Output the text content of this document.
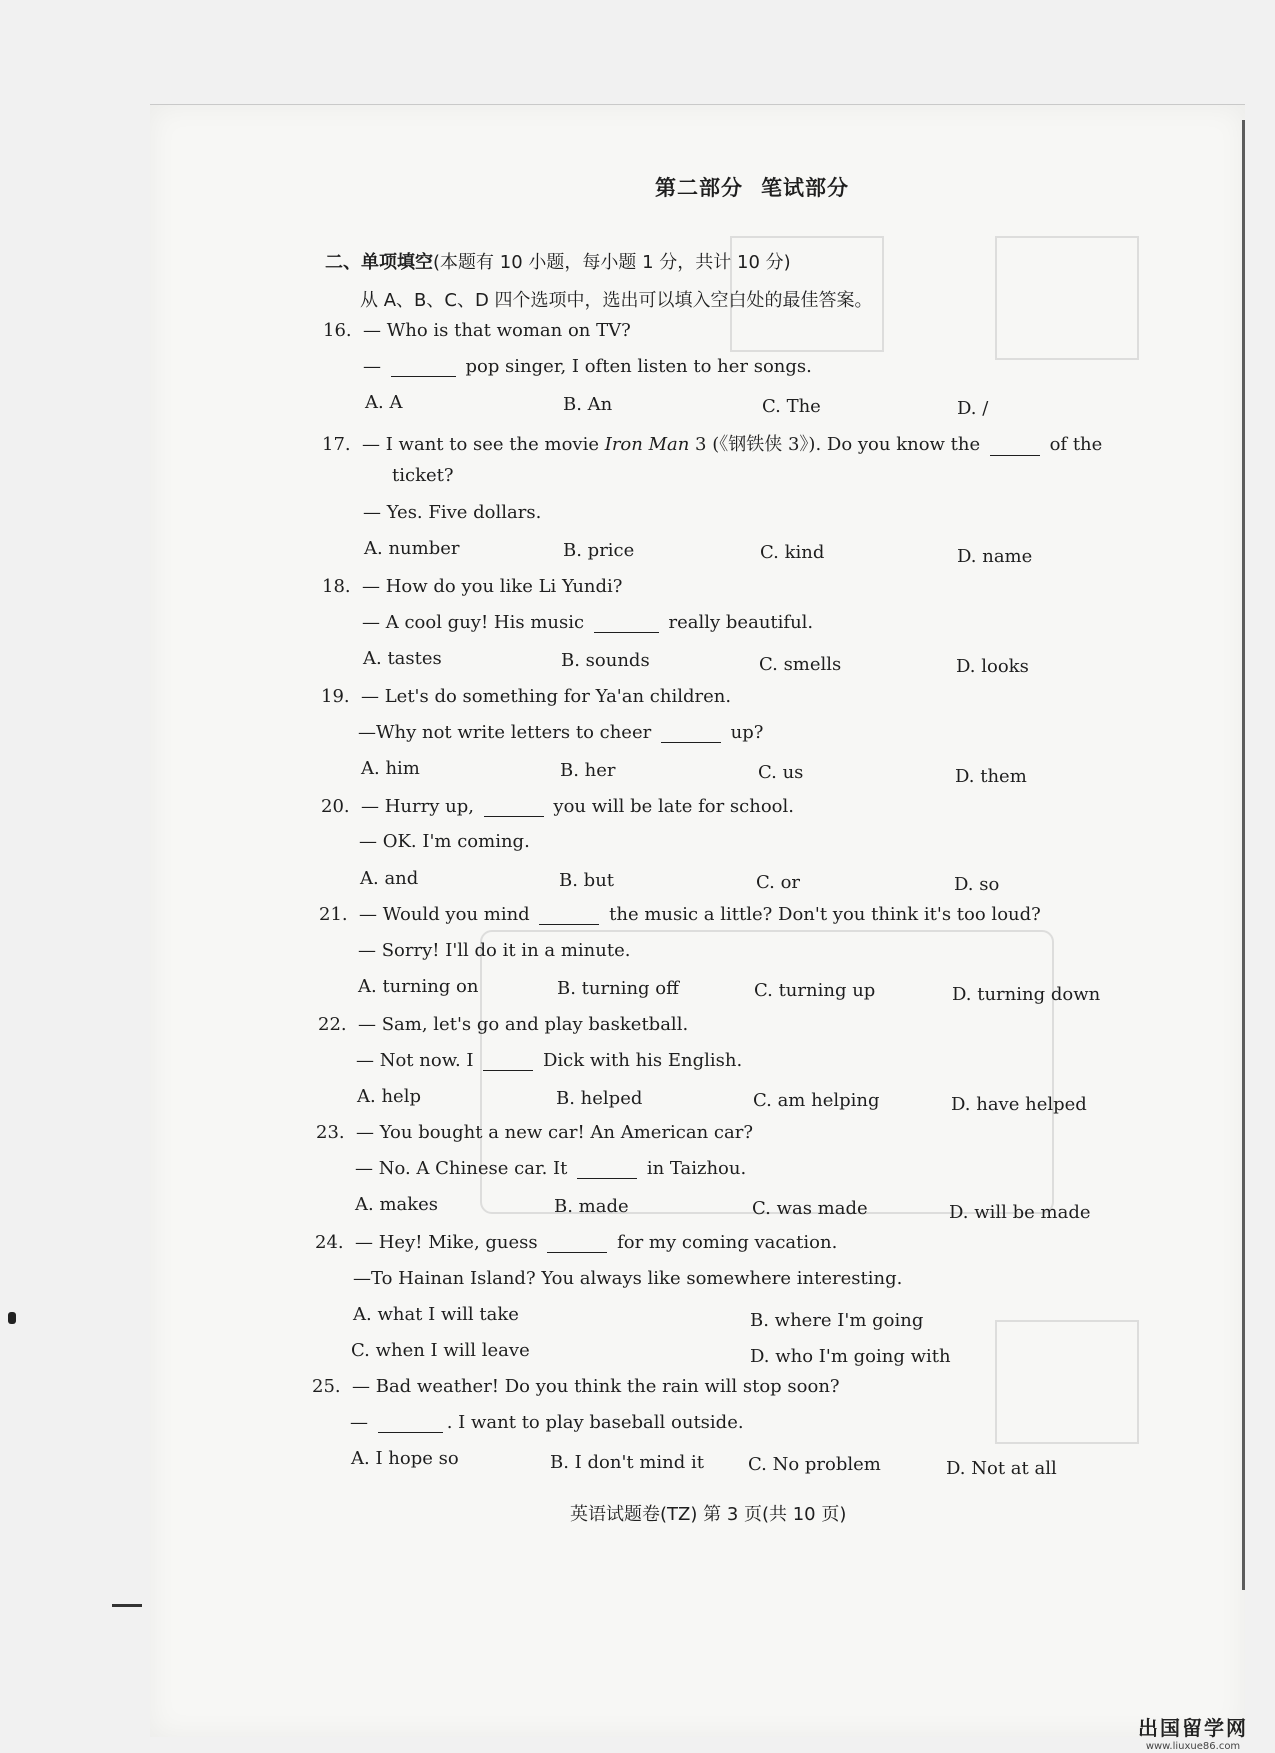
第二部分 笔试部分
二、单项填空(本题有 10 小题，每小题 1 分，共计 10 分)
从 A、B、C、D 四个选项中，选出可以填入空白处的最佳答案。
16. — Who is that woman on TV?
—	pop singer, I often listen to her songs.
A. A	B. An	C. The	D. /
17. — I want to see the movie Iron Man 3 (《钢铁侠 3》). Do you know the	of the
ticket?
— Yes. Five dollars.
A. number	B. price	C. kind	D. name
18. — How do you like Li Yundi?
— A cool guy! His music	really beautiful.
A. tastes	B. sounds	C. smells	D. looks
19. — Let's do something for Ya'an children.
—Why not write letters to cheer	up?
A. him	B. her	C. us	D. them
20. — Hurry up,	you will be late for school.
— OK. I'm coming.
A. and	B. but	C. or	D. so
21. — Would you mind	the music a little? Don't you think it's too loud?
— Sorry! I'll do it in a minute.
A. turning on	B. turning off	C. turning up	D. turning down
22. — Sam, let's go and play basketball.
— Not now. I	Dick with his English.
A. help	B. helped	C. am helping	D. have helped
23. — You bought a new car! An American car?
— No. A Chinese car. It	in Taizhou.
A. makes	B. made	C. was made	D. will be made
24. — Hey! Mike, guess	for my coming vacation.
—To Hainan Island? You always like somewhere interesting.
A. what I will take	B. where I'm going
C. when I will leave	D. who I'm going with
25. — Bad weather! Do you think the rain will stop soon?
—	. I want to play baseball outside.
A. I hope so	B. I don't mind it C. No problem	D. Not at all
英语试题卷(TZ) 第 3 页(共 10 页)
出国留学网
www.liuxue86.com
